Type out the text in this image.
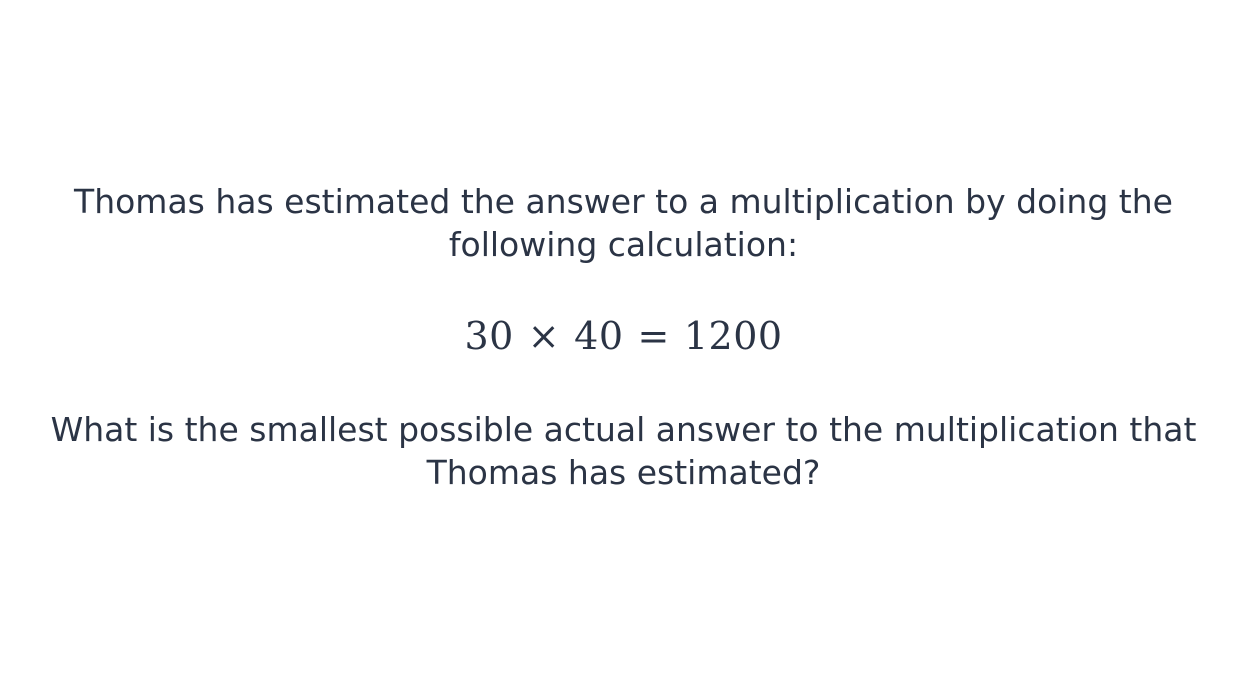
Thomas has estimated the answer to a multiplication by doing the following calculation:

30 × 40 = 1200

What is the smallest possible actual answer to the multiplication that Thomas has estimated?
